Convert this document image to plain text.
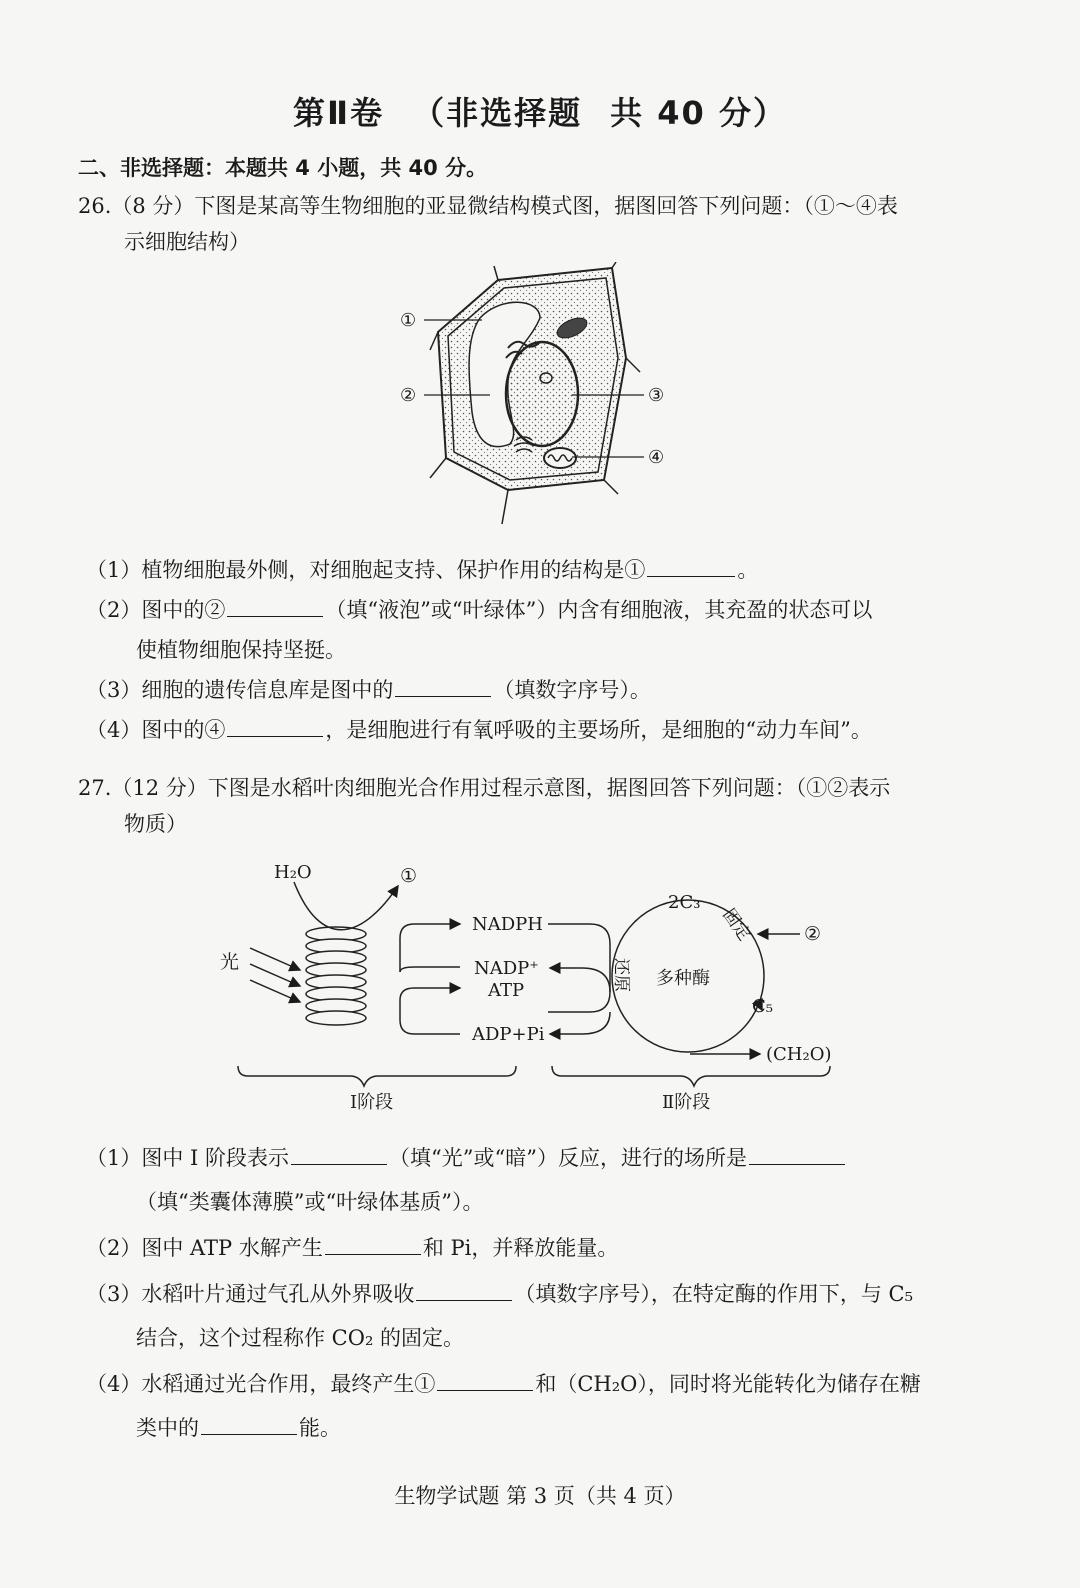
第Ⅱ卷 （非选择题 共 40 分）
二、非选择题：本题共 4 小题，共 40 分。
26.（8 分）下图是某高等生物细胞的亚显微结构模式图，据图回答下列问题：（①～④表
示细胞结构）
①
②	③
④
（1）植物细胞最外侧，对细胞起支持、保护作用的结构是①	。
（2）图中的②	（填“液泡”或“叶绿体”）内含有细胞液，其充盈的状态可以
使植物细胞保持坚挺。
（3）细胞的遗传信息库是图中的	（填数字序号）。
（4）图中的④	，是细胞进行有氧呼吸的主要场所，是细胞的“动力车间”。
27.（12 分）下图是水稻叶肉细胞光合作用过程示意图，据图回答下列问题：（①②表示
物质）
H₂O	①
光
NADPH
NADP⁺
ATP
ADP+Pi
2C₃
固定	②
还原 多种酶
C₅
(CH₂O)
Ⅰ阶段	Ⅱ阶段
（1）图中 Ⅰ 阶段表示	（填“光”或“暗”）反应，进行的场所是
（填“类囊体薄膜”或“叶绿体基质”）。
（2）图中 ATP 水解产生	和 Pi，并释放能量。
（3）水稻叶片通过气孔从外界吸收	（填数字序号），在特定酶的作用下，与 C₅
结合，这个过程称作 CO₂ 的固定。
（4）水稻通过光合作用，最终产生①	和（CH₂O），同时将光能转化为储存在糖
类中的	能。
生物学试题 第 3 页（共 4 页）
